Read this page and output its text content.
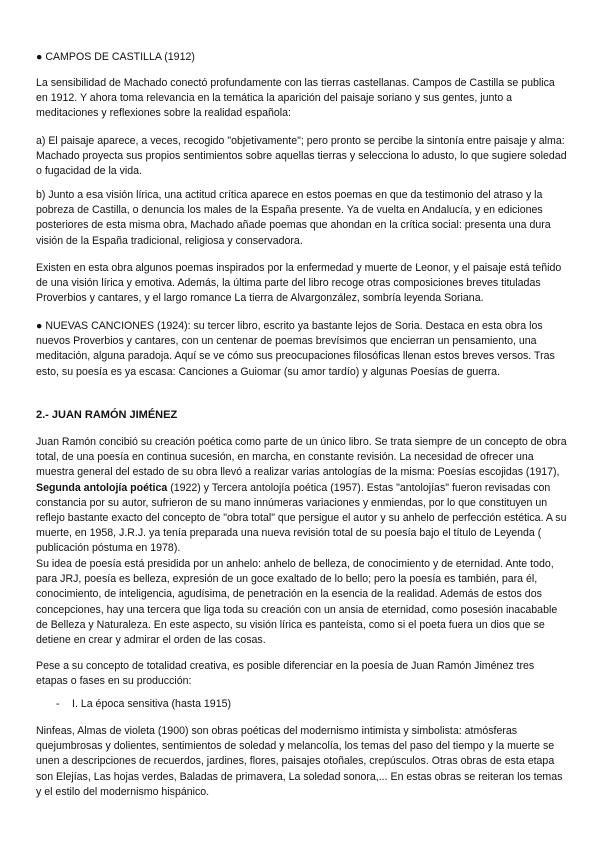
● CAMPOS DE CASTILLA (1912)

La sensibilidad de Machado conectó profundamente con las tierras castellanas. Campos de Castilla se publica en 1912. Y ahora toma relevancia en la temática la aparición del paisaje soriano y sus gentes, junto a meditaciones y reflexiones sobre la realidad española:

a) El paisaje aparece, a veces, recogido "objetivamente"; pero pronto se percibe la sintonía entre paisaje y alma: Machado proyecta sus propios sentimientos sobre aquellas tierras y selecciona lo adusto, lo que sugiere soledad o fugacidad de la vida.

b) Junto a esa visión lírica, una actitud crítica aparece en estos poemas en que da testimonio del atraso y la pobreza de Castilla, o denuncia los males de la España presente. Ya de vuelta en Andalucía, y en ediciones posteriores de esta misma obra, Machado añade poemas que ahondan en la crítica social: presenta una dura visión de la España tradicional, religiosa y conservadora.

Existen en esta obra algunos poemas inspirados por la enfermedad y muerte de Leonor, y el paisaje está teñido de una visión lírica y emotiva. Además, la última parte del libro recoge otras composiciones breves tituladas Proverbios y cantares, y el largo romance La tierra de Alvargonzález, sombría leyenda Soriana.

● NUEVAS CANCIONES (1924): su tercer libro, escrito ya bastante lejos de Soria. Destaca en esta obra los nuevos Proverbios y cantares, con un centenar de poemas brevísimos que encierran un pensamiento, una meditación, alguna paradoja. Aquí se ve cómo sus preocupaciones filosóficas llenan estos breves versos. Tras esto, su poesía es ya escasa: Canciones a Guiomar (su amor tardío) y algunas Poesías de guerra.

2.- JUAN RAMÓN JIMÉNEZ

Juan Ramón concibió su creación poética como parte de un único libro. Se trata siempre de un concepto de obra total, de una poesía en continua sucesión, en marcha, en constante revisión. La necesidad de ofrecer una muestra general del estado de su obra llevó a realizar varias antologías de la misma: Poesías escojidas (1917), Segunda antolojía poética (1922) y Tercera antolojía poética (1957). Estas "antolojías" fueron revisadas con constancia por su autor, sufrieron de su mano innúmeras variaciones y enmiendas, por lo que constituyen un reflejo bastante exacto del concepto de "obra total" que persigue el autor y su anhelo de perfección estética. A su muerte, en 1958, J.R.J. ya tenía preparada una nueva revisión total de su poesía bajo el título de Leyenda ( publicación póstuma en 1978).

Su idea de poesía está presidida por un anhelo: anhelo de belleza, de conocimiento y de eternidad. Ante todo, para JRJ, poesía es belleza, expresión de un goce exaltado de lo bello; pero la poesía es también, para él, conocimiento, de inteligencia, agudísima, de penetración en la esencia de la realidad. Además de estos dos concepciones, hay una tercera que liga toda su creación con un ansia de eternidad, como posesión inacabable de Belleza y Naturaleza. En este aspecto, su visión lírica es panteísta, como si el poeta fuera un dios que se detiene en crear y admirar el orden de las cosas.

Pese a su concepto de totalidad creativa, es posible diferenciar en la poesía de Juan Ramón Jiménez tres etapas o fases en su producción:

- I. La época sensitiva (hasta 1915)

Ninfeas, Almas de violeta (1900) son obras poéticas del modernismo intimista y simbolista: atmósferas quejumbrosas y dolientes, sentimientos de soledad y melancolía, los temas del paso del tiempo y la muerte se unen a descripciones de recuerdos, jardines, flores, paisajes otoñales, crepúsculos. Otras obras de esta etapa son Elejías, Las hojas verdes, Baladas de primavera, La soledad sonora,... En estas obras se reiteran los temas y el estilo del modernismo hispánico.
